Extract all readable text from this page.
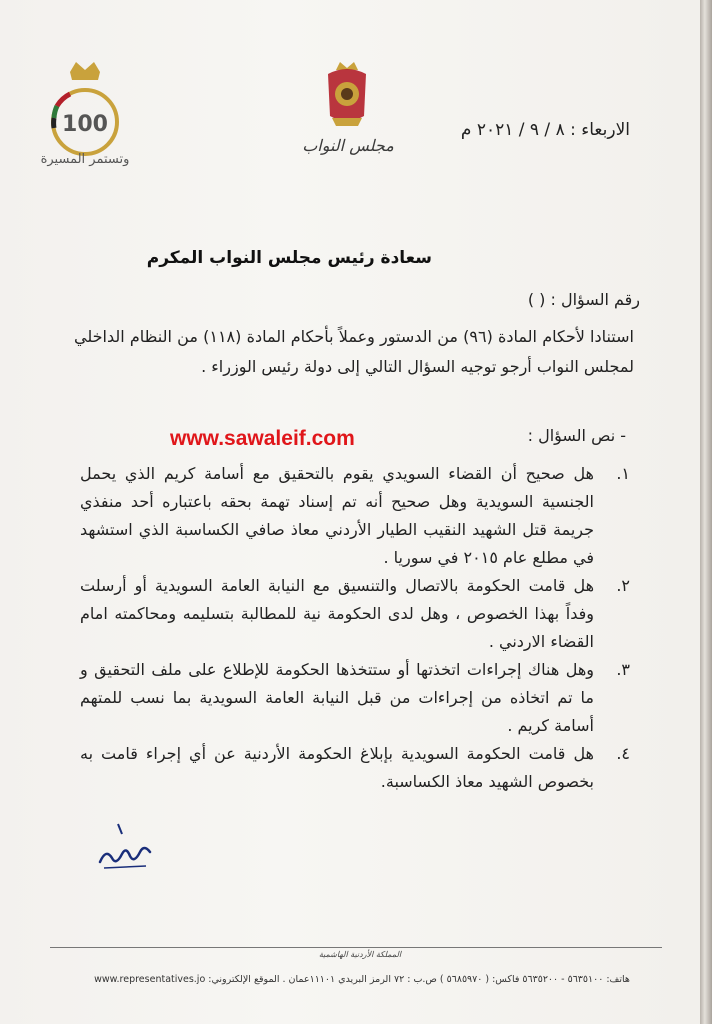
100
وتستمر المسيرة
مجلس النواب
الاربعاء : ٨ / ٩ / ٢٠٢١ م
سعادة رئيس مجلس النواب المكرم
رقم السؤال : ( )
استنادا لأحكام المادة (٩٦) من الدستور وعملاً بأحكام المادة (١١٨) من النظام الداخلي لمجلس النواب أرجو توجيه السؤال التالي إلى دولة رئيس الوزراء .
www.sawaleif.com	- نص السؤال :
١.
هل صحيح أن القضاء السويدي يقوم بالتحقيق مع أسامة كريم الذي يحمل الجنسية السويدية وهل صحيح أنه تم إسناد تهمة بحقه باعتباره أحد منفذي جريمة قتل الشهيد النقيب الطيار الأردني معاذ صافي الكساسبة الذي استشهد في مطلع عام ٢٠١٥ في سوريا .
٢.
هل قامت الحكومة بالاتصال والتنسيق مع النيابة العامة السويدية أو أرسلت وفداً بهذا الخصوص ، وهل لدى الحكومة نية للمطالبة بتسليمه ومحاكمته امام القضاء الاردني .
٣.
وهل هناك إجراءات اتخذتها أو ستتخذها الحكومة للإطلاع على ملف التحقيق و ما تم اتخاذه من إجراءات من قبل النيابة العامة السويدية بما نسب للمتهم أسامة كريم .
٤.
هل قامت الحكومة السويدية بإبلاغ الحكومة الأردنية عن أي إجراء قامت به بخصوص الشهيد معاذ الكساسبة.
المملكة الأردنية الهاشمية
هاتف: ٥٦٣٥١٠٠ - ٥٦٣٥٢٠٠ فاكس: ( ٥٦٨٥٩٧٠ ) ص.ب : ٧٢ الرمز البريدي ١١١٠١عمان . الموقع الإلكتروني: www.representatives.jo
